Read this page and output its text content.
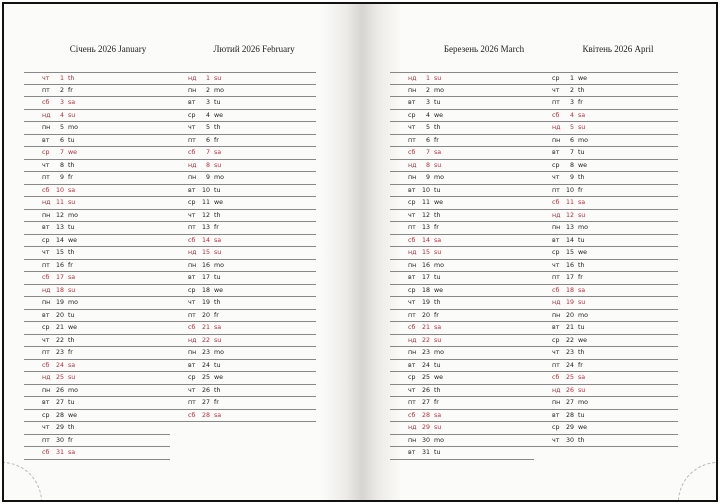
Січень 2026 January
чт	1 th
пт	2 fr
сб	3 sa
нд	4 su
пн	5 mo
вт	6 tu
ср	7 we
чт	8 th
пт	9 fr
сб	10 sa
нд 11 su
пн 12 mo
вт	13 tu
ср	14 we
чт	15 th
пт 16 fr
сб	17 sa
нд 18 su
пн 19 mo
вт	20 tu
ср	21 we
чт	22 th
пт 23 fr
сб	24 sa
нд 25 su
пн 26 mo
вт	27 tu
ср	28 we
чт	29 th
пт 30 fr
сб	31 sa
Лютий 2026 February
нд	1 su
пн	2 mo
вт	3 tu
ср	4 we
чт	5 th
пт	6 fr
сб	7 sa
нд	8 su
пн	9 mo
вт	10 tu
ср	11 we
чт	12 th
пт 13 fr
сб	14 sa
нд 15 su
пн 16 mo
вт	17 tu
ср	18 we
чт	19 th
пт 20 fr
сб	21 sa
нд 22 su
пн 23 mo
вт	24 tu
ср	25 we
чт	26 th
пт 27 fr
сб	28 sa
Березень 2026 March
нд	1 su
пн	2 mo
вт	3 tu
ср	4 we
чт	5 th
пт	6 fr
сб	7 sa
нд	8 su
пн	9 mo
вт	10 tu
ср	11 we
чт	12 th
пт 13 fr
сб	14 sa
нд 15 su
пн 16 mo
вт	17 tu
ср	18 we
чт	19 th
пт 20 fr
сб	21 sa
нд 22 su
пн 23 mo
вт	24 tu
ср	25 we
чт	26 th
пт 27 fr
сб	28 sa
нд 29 su
пн 30 mo
вт	31 tu
Квітень 2026 April
ср	1 we
чт	2 th
пт	3 fr
сб	4 sa
нд	5 su
пн	6 mo
вт	7 tu
ср	8 we
чт	9 th
пт 10 fr
сб	11 sa
нд 12 su
пн 13 mo
вт	14 tu
ср	15 we
чт	16 th
пт 17 fr
сб	18 sa
нд 19 su
пн 20 mo
вт	21 tu
ср	22 we
чт	23 th
пт 24 fr
сб	25 sa
нд 26 su
пн 27 mo
вт	28 tu
ср	29 we
чт	30 th
